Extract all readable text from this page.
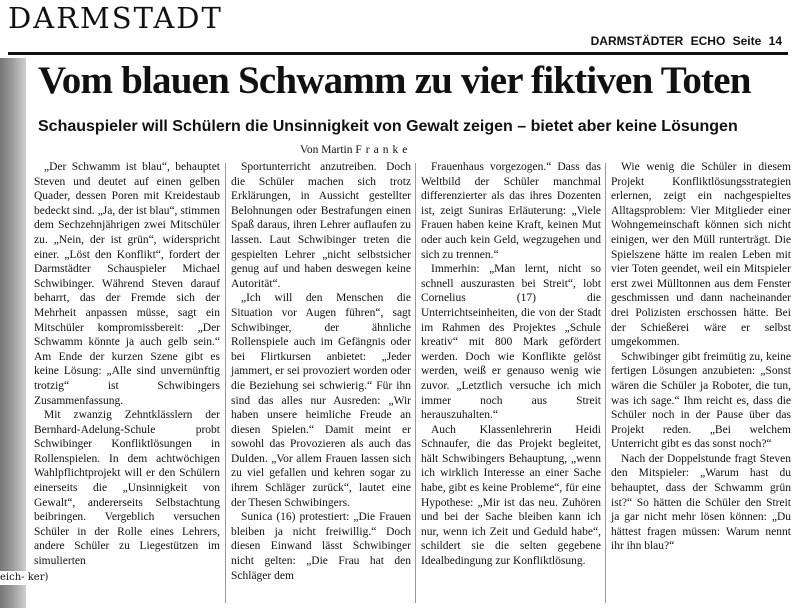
eich- ker)
DARMSTADT
DARMSTÄDTER ECHO Seite 14
Vom blauen Schwamm zu vier fiktiven Toten
Schauspieler will Schülern die Unsinnigkeit von Gewalt zeigen – bietet aber keine Lösungen
Von Martin Franke

„Der Schwamm ist blau“, behauptet Steven und deutet auf einen gelben Quader, dessen Poren mit Kreidestaub bedeckt sind. „Ja, der ist blau“, stimmen dem Sechzehnjährigen zwei Mitschüler zu. „Nein, der ist grün“, widerspricht einer. „Löst den Konflikt“, fordert der Darmstädter Schauspieler Michael Schwibinger. Während Steven darauf beharrt, das der Fremde sich der Mehrheit anpassen müsse, sagt ein Mitschüler kompromissbereit: „Der Schwamm könnte ja auch gelb sein.“ Am Ende der kurzen Szene gibt es keine Lösung: „Alle sind unvernünftig trotzig“ ist Schwibingers Zusammenfassung.

Mit zwanzig Zehntklässlern der Bernhard-Adelung-Schule probt Schwibinger Konfliktlösungen in Rollenspielen. In dem achtwöchigen Wahlpflichtprojekt will er den Schülern einerseits die „Unsinnigkeit von Gewalt“, andererseits Selbstachtung beibringen. Vergeblich versuchen Schüler in der Rolle eines Lehrers, andere Schüler zu Liegestützen im simulierten

Sportunterricht anzutreiben. Doch die Schüler machen sich trotz Erklärungen, in Aussicht gestellter Belohnungen oder Bestrafungen einen Spaß daraus, ihren Lehrer auflaufen zu lassen. Laut Schwibinger treten die gespielten Lehrer „nicht selbstsicher genug auf und haben deswegen keine Autorität“.

„Ich will den Menschen die Situation vor Augen führen“, sagt Schwibinger, der ähnliche Rollenspiele auch im Gefängnis oder bei Flirtkursen anbietet: „Jeder jammert, er sei provoziert worden oder die Beziehung sei schwierig.“ Für ihn sind das alles nur Ausreden: „Wir haben unsere heimliche Freude an diesen Spielen.“ Damit meint er sowohl das Provozieren als auch das Dulden. „Vor allem Frauen lassen sich zu viel gefallen und kehren sogar zu ihrem Schläger zurück“, lautet eine der Thesen Schwibingers.

Sunica (16) protestiert: „Die Frauen bleiben ja nicht freiwillig.“ Doch diesen Einwand lässt Schwibinger nicht gelten: „Die Frau hat den Schläger dem

Frauenhaus vorgezogen.“ Dass das Weltbild der Schüler manchmal differenzierter als das ihres Dozenten ist, zeigt Suniras Erläuterung: „Viele Frauen haben keine Kraft, keinen Mut oder auch kein Geld, wegzugehen und sich zu trennen.“

Immerhin: „Man lernt, nicht so schnell auszurasten bei Streit“, lobt Cornelius (17) die Unterrichtseinheiten, die von der Stadt im Rahmen des Projektes „Schule kreativ“ mit 800 Mark gefördert werden. Doch wie Konflikte gelöst werden, weiß er genauso wenig wie zuvor. „Letztlich versuche ich mich immer noch aus Streit herauszuhalten.“

Auch Klassenlehrerin Heidi Schnaufer, die das Projekt begleitet, hält Schwibingers Behauptung, „wenn ich wirklich Interesse an einer Sache habe, gibt es keine Probleme“, für eine Hypothese: „Mir ist das neu. Zuhören und bei der Sache bleiben kann ich nur, wenn ich Zeit und Geduld habe“, schildert sie die selten gegebene Idealbedingung zur Konfliktlösung.

Wie wenig die Schüler in diesem Projekt Konfliktlösungsstrategien erlernen, zeigt ein nachgespieltes Alltagsproblem: Vier Mitglieder einer Wohngemeinschaft können sich nicht einigen, wer den Müll runterträgt. Die Spielszene hätte im realen Leben mit vier Toten geendet, weil ein Mitspieler erst zwei Mülltonnen aus dem Fenster geschmissen und dann nacheinander drei Polizisten erschossen hätte. Bei der Schießerei wäre er selbst umgekommen.

Schwibinger gibt freimütig zu, keine fertigen Lösungen anzubieten: „Sonst wären die Schüler ja Roboter, die tun, was ich sage.“ Ihm reicht es, dass die Schüler noch in der Pause über das Projekt reden. „Bei welchem Unterricht gibt es das sonst noch?“

Nach der Doppelstunde fragt Steven den Mitspieler: „Warum hast du behauptet, dass der Schwamm grün ist?“ So hätten die Schüler den Streit ja gar nicht mehr lösen können: „Du hättest fragen müssen: Warum nennt ihr ihn blau?“
